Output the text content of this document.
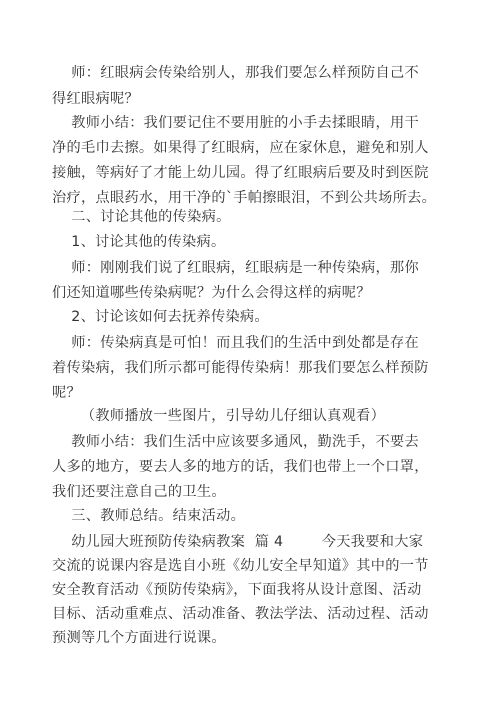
师：红眼病会传染给别人，那我们要怎么样预防自己不

得红眼病呢？

教师小结：我们要记住不要用脏的小手去揉眼睛，用干

净的毛巾去擦。如果得了红眼病，应在家休息，避免和别人

接触，等病好了才能上幼儿园。得了红眼病后要及时到医院

治疗，点眼药水，用干净的`手帕擦眼泪，不到公共场所去。

二、讨论其他的传染病。

1、讨论其他的传染病。

师：刚刚我们说了红眼病，红眼病是一种传染病，那你

们还知道哪些传染病呢？为什么会得这样的病呢？

2、讨论该如何去抚养传染病。

师：传染病真是可怕！而且我们的生活中到处都是存在

着传染病，我们所示都可能得传染病！那我们要怎么样预防

呢？

（教师播放一些图片，引导幼儿仔细认真观看）

教师小结：我们生活中应该要多通风，勤洗手，不要去

人多的地方，要去人多的地方的话，我们也带上一个口罩，

我们还要注意自己的卫生。

三、教师总结。结束活动。

幼儿园大班预防传染病教案  篇 4        今天我要和大家

交流的说课内容是选自小班《幼儿安全早知道》其中的一节

安全教育活动《预防传染病》，下面我将从设计意图、活动

目标、活动重难点、活动准备、教法学法、活动过程、活动

预测等几个方面进行说课。
